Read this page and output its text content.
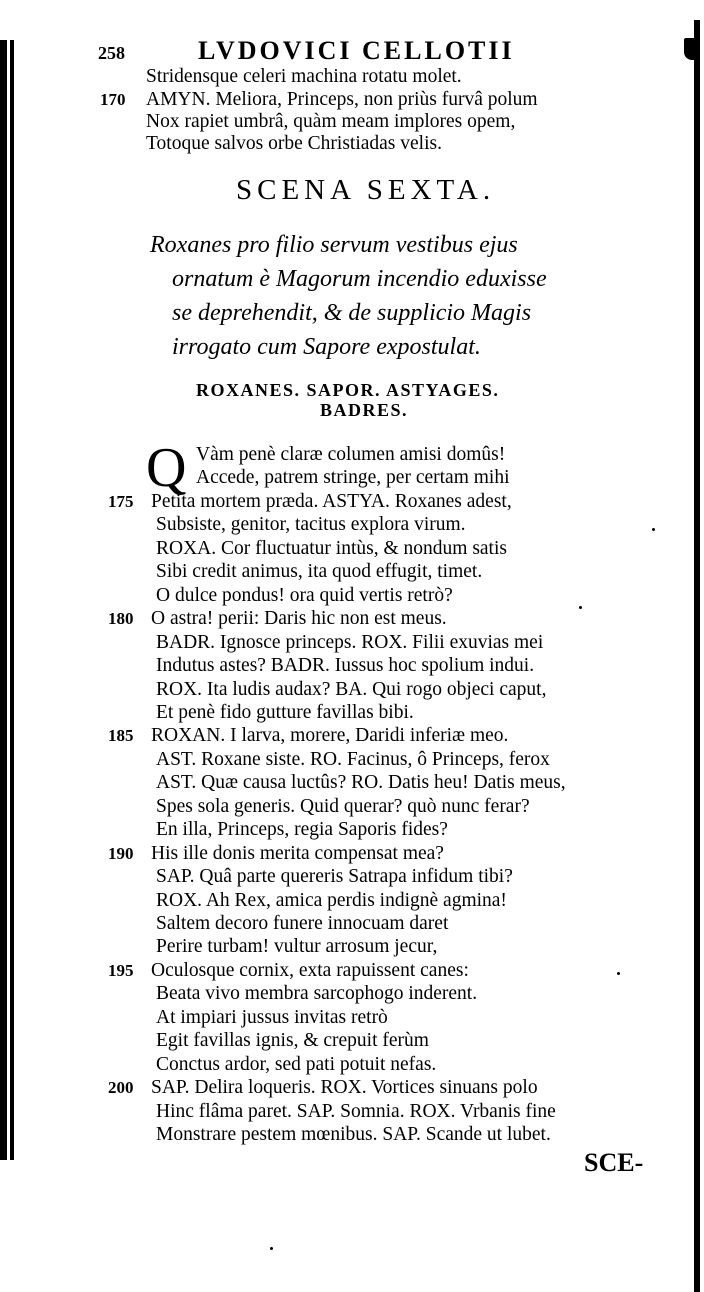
258	LVDOVICI CELLOTII
Stridensque celeri machina rotatu molet.
170 AMYN. Meliora, Princeps, non priùs furvâ polum
Nox rapiet umbrâ, quàm meam implores opem,
Totoque salvos orbe Christiadas velis.
SCENA SEXTA.
Roxanes pro filio servum vestibus ejus
ornatum è Magorum incendio eduxisse
se deprehendit, & de supplicio Magis
irrogato cum Sapore expostulat.
ROXANES. SAPOR. ASTYAGES.
BADRES.
Q Vàm penè claræ columen amisi domûs!
Accede, patrem stringe, per certam mihi
175 Petita mortem præda. ASTYA. Roxanes adest,
Subsiste, genitor, tacitus explora virum.
ROXA. Cor fluctuatur intùs, & nondum satis
Sibi credit animus, ita quod effugit, timet.
O dulce pondus! ora quid vertis retrò?
180 O astra! perii: Daris hic non est meus.
BADR. Ignosce princeps. ROX. Filii exuvias mei
Indutus astes? BADR. Iussus hoc spolium indui.
ROX. Ita ludis audax? BA. Qui rogo objeci caput,
Et penè fido gutture favillas bibi.
185 ROXAN. I larva, morere, Daridi inferiæ meo.
AST. Roxane siste. RO. Facinus, ô Princeps, ferox
AST. Quæ causa luctûs? RO. Datis heu! Datis meus,
Spes sola generis. Quid querar? quò nunc ferar?
En illa, Princeps, regia Saporis fides?
190 His ille donis merita compensat mea?
SAP. Quâ parte quereris Satrapa infidum tibi?
ROX. Ah Rex, amica perdis indignè agmina!
Saltem decoro funere innocuam daret
Perire turbam! vultur arrosum jecur,
195 Oculosque cornix, exta rapuissent canes:
Beata vivo membra sarcophogo inderent.
At impiari jussus invitas retrò
Egit favillas ignis, & crepuit ferùm
Conctus ardor, sed pati potuit nefas.
200 SAP. Delira loqueris. ROX. Vortices sinuans polo
Hinc flâma paret. SAP. Somnia. ROX. Vrbanis fine
Monstrare pestem mœnibus. SAP. Scande ut lubet.
SCE-
